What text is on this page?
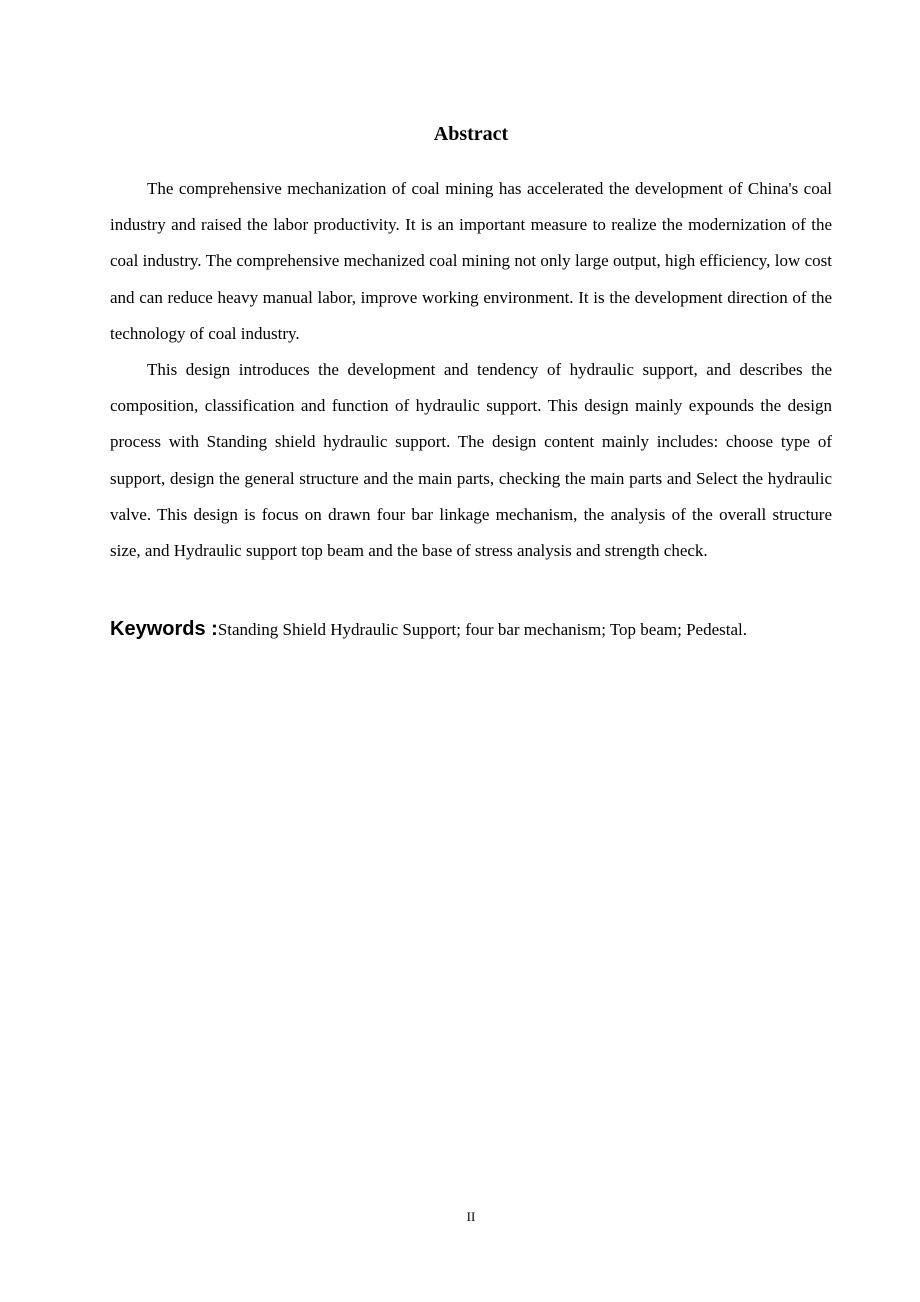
Abstract

The comprehensive mechanization of coal mining has accelerated the development of China's coal industry and raised the labor productivity. It is an important measure to realize the modernization of the coal industry. The comprehensive mechanized coal mining not only large output, high efficiency, low cost and can reduce heavy manual labor, improve working environment. It is the development direction of the technology of coal industry.

This design introduces the development and tendency of hydraulic support, and describes the composition, classification and function of hydraulic support. This design mainly expounds the design process with Standing shield hydraulic support. The design content mainly includes: choose type of support, design the general structure and the main parts, checking the main parts and Select the hydraulic valve. This design is focus on drawn four bar linkage mechanism, the analysis of the overall structure size, and Hydraulic support top beam and the base of stress analysis and strength check.

Keywords :Standing Shield Hydraulic Support; four bar mechanism; Top beam; Pedestal.

II
